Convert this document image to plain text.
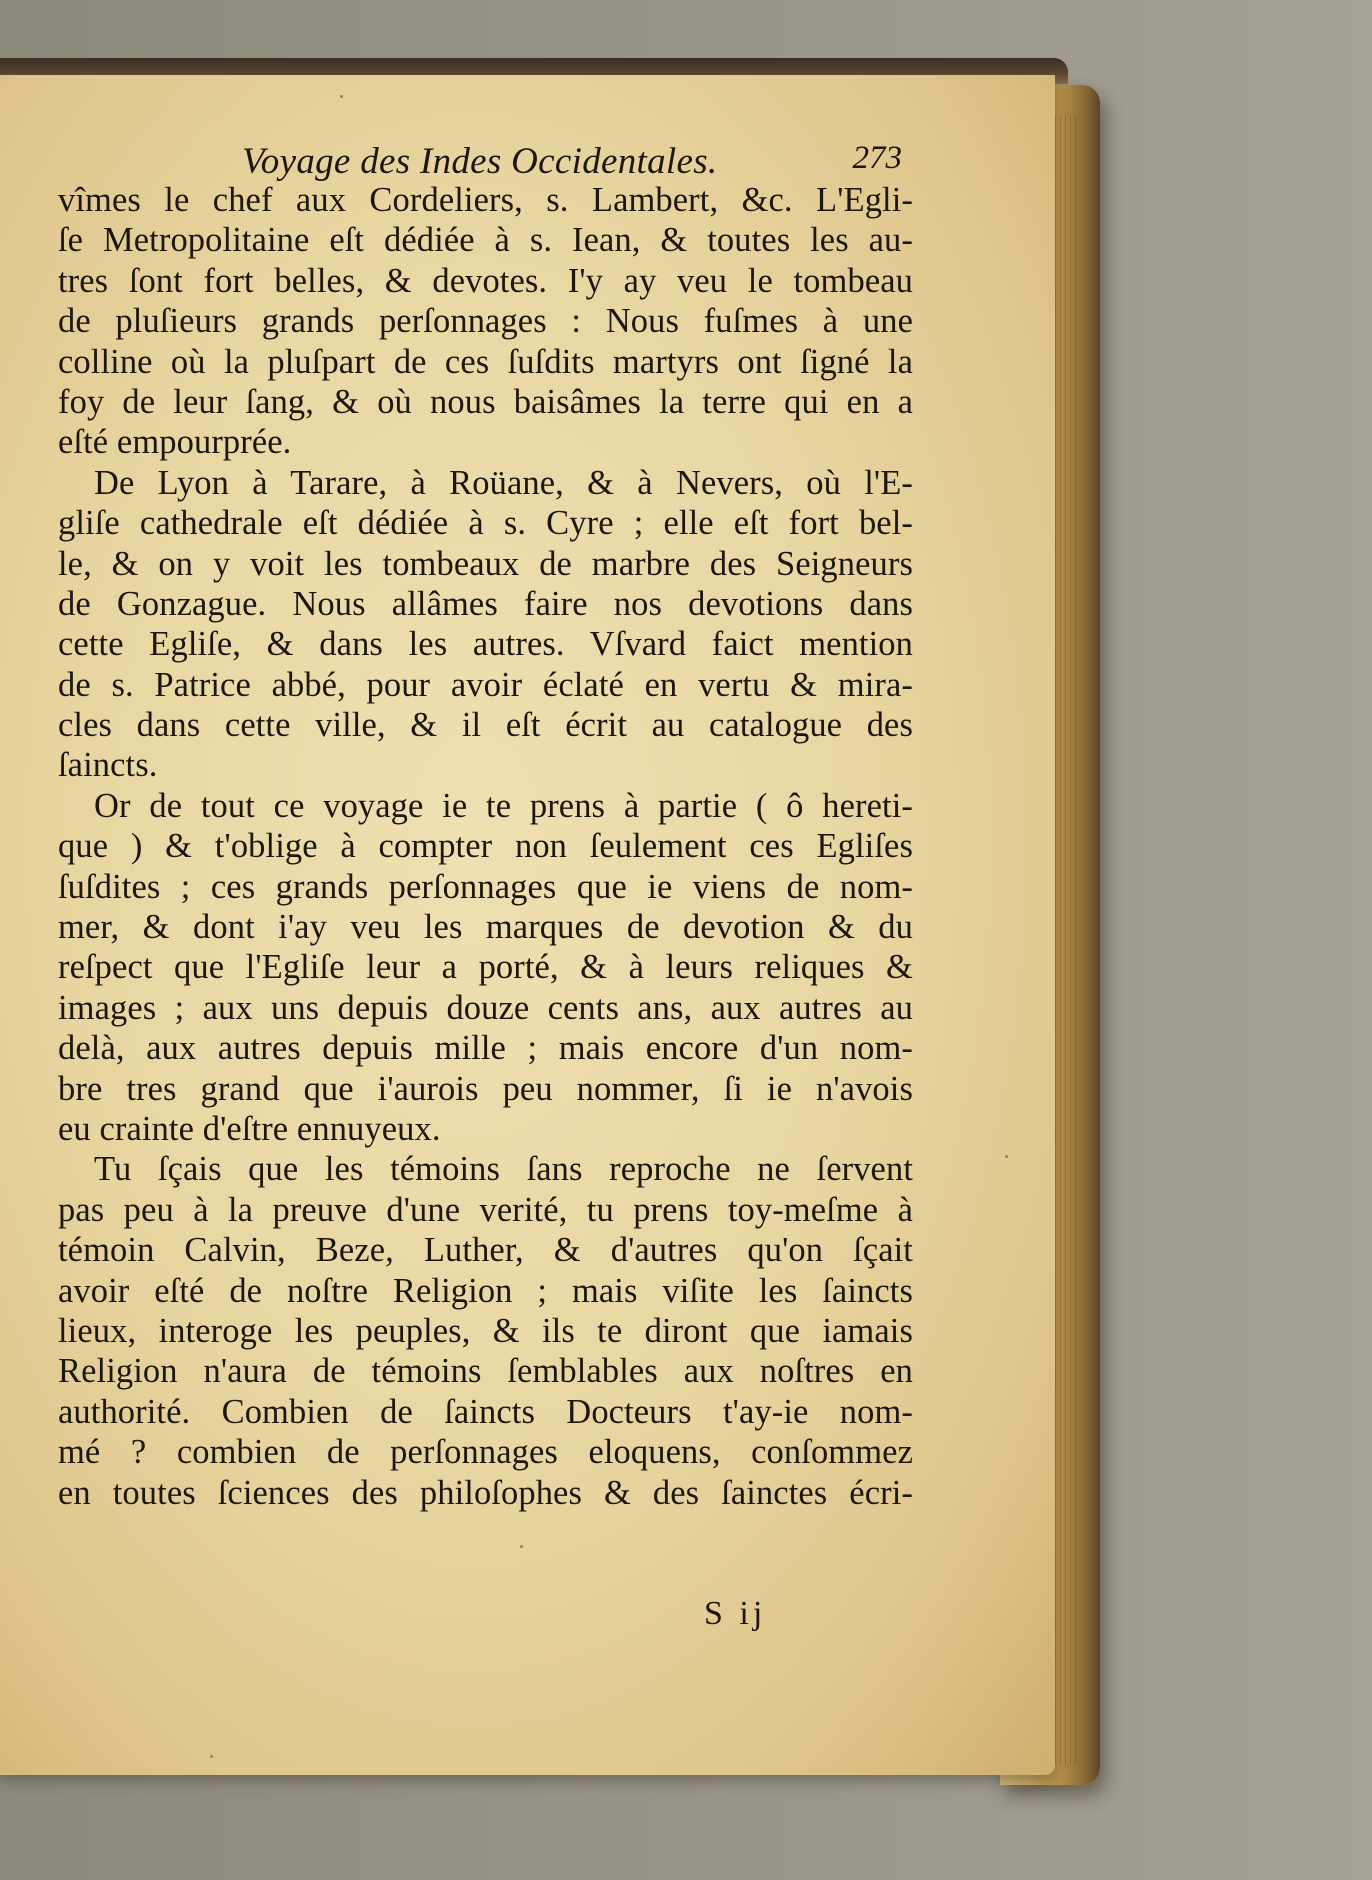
Voyage des Indes Occidentales.	273
vîmes le chef aux Cordeliers, s. Lambert, &c. L'Egli-
ſe Metropolitaine eſt dédiée à s. Iean, & toutes les au-
tres ſont fort belles, & devotes. I'y ay veu le tombeau
de pluſieurs grands perſonnages : Nous fuſmes à une
colline où la pluſpart de ces ſuſdits martyrs ont ſigné la
foy de leur ſang, & où nous baisâmes la terre qui en a
eſté empourprée.
De Lyon à Tarare, à Roüane, & à Nevers, où l'E-
gliſe cathedrale eſt dédiée à s. Cyre ; elle eſt fort bel-
le, & on y voit les tombeaux de marbre des Seigneurs
de Gonzague. Nous allâmes faire nos devotions dans
cette Egliſe, & dans les autres. Vſvard faict mention
de s. Patrice abbé, pour avoir éclaté en vertu & mira-
cles dans cette ville, & il eſt écrit au catalogue des
ſaincts.
Or de tout ce voyage ie te prens à partie ( ô hereti-
que ) & t'oblige à compter non ſeulement ces Egliſes
ſuſdites ; ces grands perſonnages que ie viens de nom-
mer, & dont i'ay veu les marques de devotion & du
reſpect que l'Egliſe leur a porté, & à leurs reliques &
images ; aux uns depuis douze cents ans, aux autres au
delà, aux autres depuis mille ; mais encore d'un nom-
bre tres grand que i'aurois peu nommer, ſi ie n'avois
eu crainte d'eſtre ennuyeux.
Tu ſçais que les témoins ſans reproche ne ſervent
pas peu à la preuve d'une verité, tu prens toy-meſme à
témoin Calvin, Beze, Luther, & d'autres qu'on ſçait
avoir eſté de noſtre Religion ; mais viſite les ſaincts
lieux, interoge les peuples, & ils te diront que iamais
Religion n'aura de témoins ſemblables aux noſtres en
authorité. Combien de ſaincts Docteurs t'ay-ie nom-
mé ? combien de perſonnages eloquens, conſommez
en toutes ſciences des philoſophes & des ſainctes écri-
S ij
